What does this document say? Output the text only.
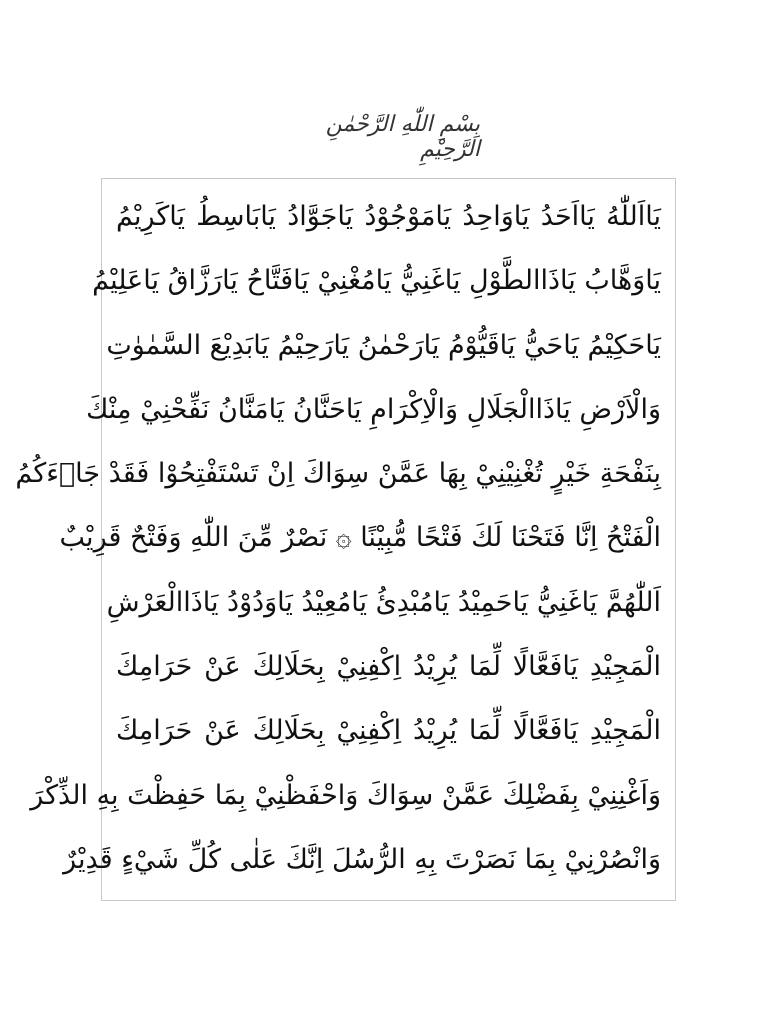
بِسْمِ اللّٰهِ الرَّحْمٰنِ الرَّحِيْمِ
يَااَللّٰهُ يَااَحَدُ يَاوَاحِدُ يَامَوْجُوْدُ يَاجَوَّادُ يَابَاسِطُ يَاكَرِيْمُ
يَاوَهَّابُ يَاذَاالطَّوْلِ يَاغَنِيُّ يَامُغْنِيْ يَافَتَّاحُ يَارَزَّاقُ يَاعَلِيْمُ
يَاحَكِيْمُ يَاحَيُّ يَاقَيُّوْمُ يَارَحْمٰنُ يَارَحِيْمُ يَابَدِيْعَ السَّمٰوٰتِ
وَالْاَرْضِ يَاذَاالْجَلَالِ وَالْاِكْرَامِ يَاحَنَّانُ يَامَنَّانُ نَفِّحْنِيْ مِنْكَ
بِنَفْحَةِ خَيْرٍ تُغْنِيْنِيْ بِهَا عَمَّنْ سِوَاكَ اِنْ تَسْتَفْتِحُوْا فَقَدْ جَاۤءَكُمُ
الْفَتْحُ اِنَّا فَتَحْنَا لَكَ فَتْحًا مُّبِيْنًا ۞ نَصْرٌ مِّنَ اللّٰهِ وَفَتْحٌ قَرِيْبٌ
اَللّٰهُمَّ يَاغَنِيُّ يَاحَمِيْدُ يَامُبْدِئُ يَامُعِيْدُ يَاوَدُوْدُ يَاذَاالْعَرْشِ
الْمَجِيْدِ يَافَعَّالًا لِّمَا يُرِيْدُ اِكْفِنِيْ بِحَلَالِكَ عَنْ حَرَامِكَ
الْمَجِيْدِ يَافَعَّالًا لِّمَا يُرِيْدُ اِكْفِنِيْ بِحَلَالِكَ عَنْ حَرَامِكَ
وَاَغْنِنِيْ بِفَضْلِكَ عَمَّنْ سِوَاكَ وَاحْفَظْنِيْ بِمَا حَفِظْتَ بِهِ الذِّكْرَ
وَانْصُرْنِيْ بِمَا نَصَرْتَ بِهِ الرُّسُلَ اِنَّكَ عَلٰى كُلِّ شَيْءٍ قَدِيْرٌ
